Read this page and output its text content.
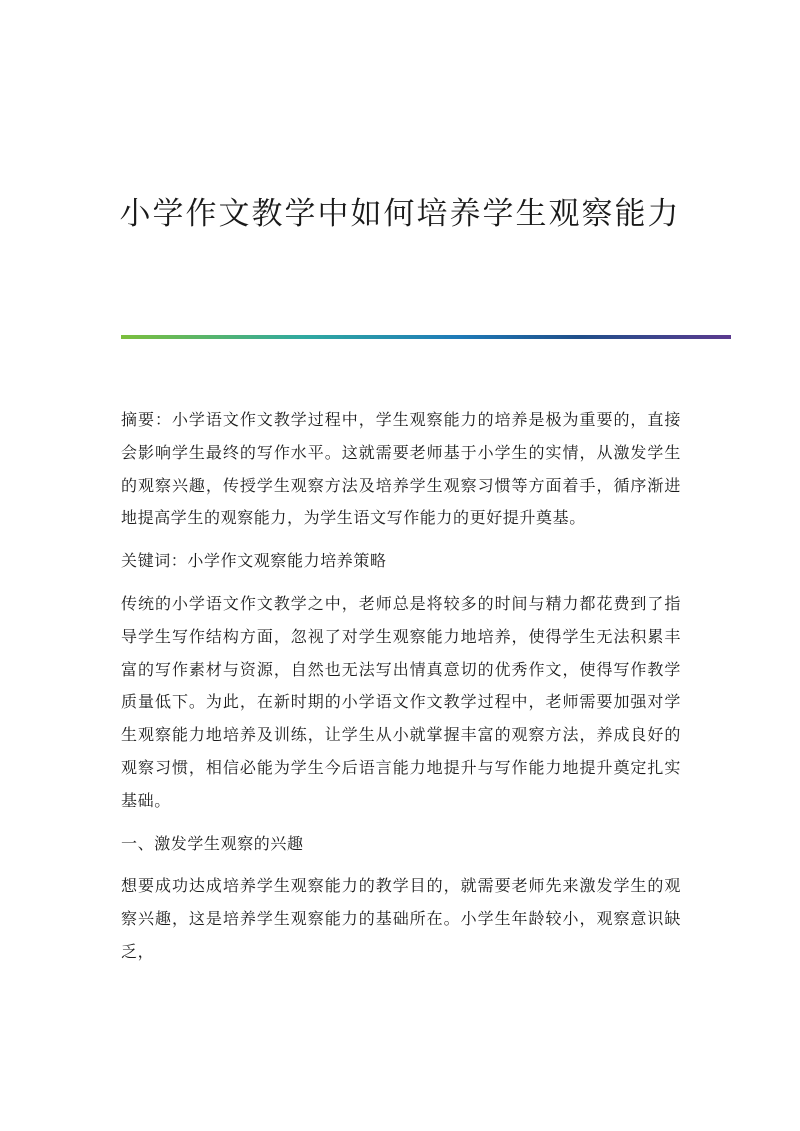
小学作文教学中如何培养学生观察能力

摘要：小学语文作文教学过程中，学生观察能力的培养是极为重要的，直接会影响学生最终的写作水平。这就需要老师基于小学生的实情，从激发学生的观察兴趣，传授学生观察方法及培养学生观察习惯等方面着手，循序渐进地提高学生的观察能力，为学生语文写作能力的更好提升奠基。

关键词：小学作文观察能力培养策略

传统的小学语文作文教学之中，老师总是将较多的时间与精力都花费到了指导学生写作结构方面，忽视了对学生观察能力地培养，使得学生无法积累丰富的写作素材与资源，自然也无法写出情真意切的优秀作文，使得写作教学质量低下。为此，在新时期的小学语文作文教学过程中，老师需要加强对学生观察能力地培养及训练，让学生从小就掌握丰富的观察方法，养成良好的观察习惯，相信必能为学生今后语言能力地提升与写作能力地提升奠定扎实基础。

一、激发学生观察的兴趣

想要成功达成培养学生观察能力的教学目的，就需要老师先来激发学生的观察兴趣，这是培养学生观察能力的基础所在。小学生年龄较小，观察意识缺乏，
